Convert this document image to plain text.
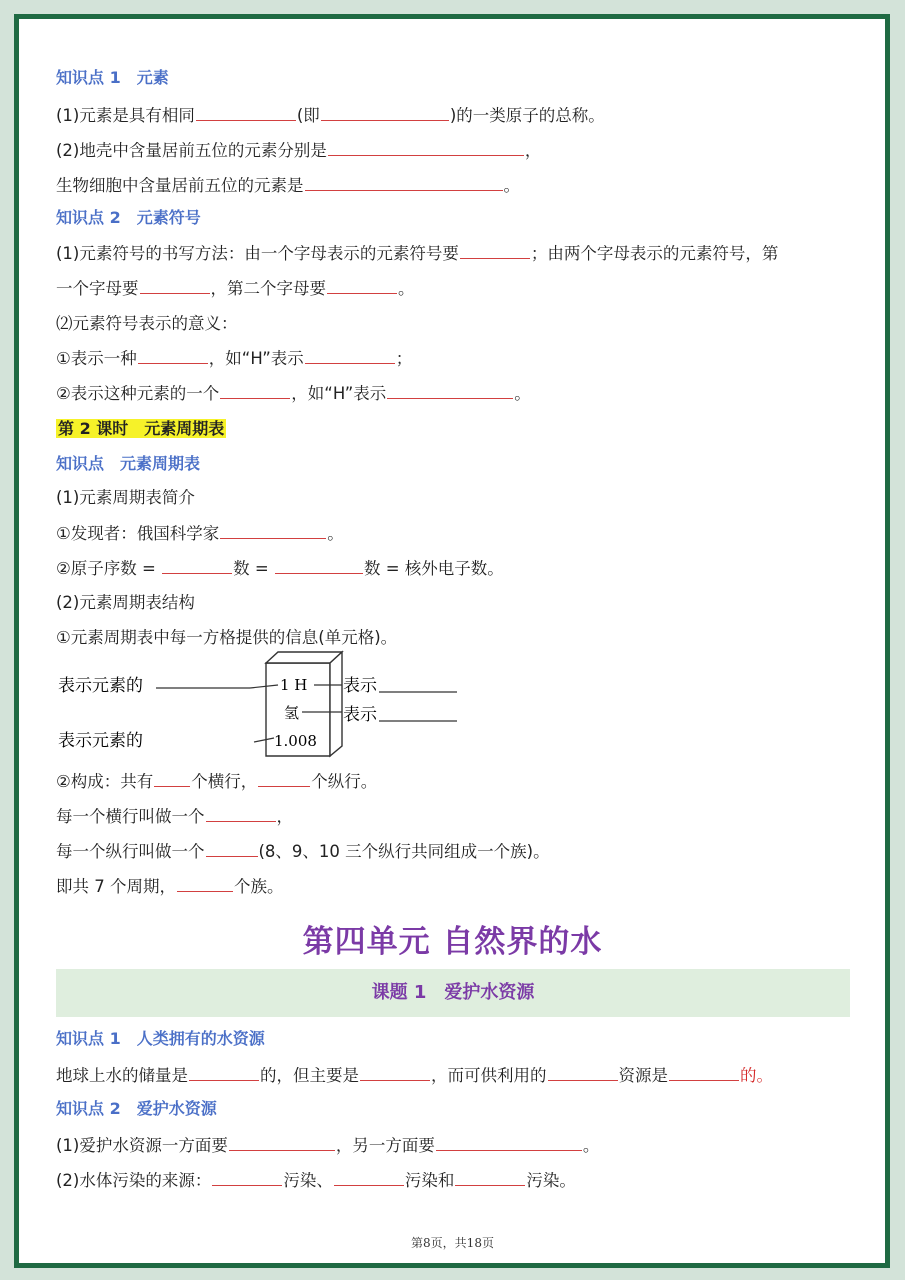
知识点 1　元素
(1)元素是具有相同	(即	)的一类原子的总称。
(2)地壳中含量居前五位的元素分别是	，
生物细胞中含量居前五位的元素是	。
知识点 2　元素符号
(1)元素符号的书写方法：由一个字母表示的元素符号要	；由两个字母表示的元素符号，第
一个字母要	，第二个字母要	。
⑵元素符号表示的意义：
①表示一种	，如“H”表示	；
②表示这种元素的一个	，如“H”表示	。
第 2 课时　元素周期表
知识点　元素周期表
(1)元素周期表简介
①发现者：俄国科学家	。
②原子序数 =	数 =	数 = 核外电子数。
(2)元素周期表结构
①元素周期表中每一方格提供的信息(单元格)。
1 H
氢
1.008
表示元素的
表示元素的
表示
表示
②构成：共有 个横行，	个纵行。
每一个横行叫做一个	，
每一个纵行叫做一个	(8、9、10 三个纵行共同组成一个族)。
即共 7 个周期，	个族。
第四单元 自然界的水
课题 1　爱护水资源
知识点 1　人类拥有的水资源
地球上水的储量是	的，但主要是	，而可供利用的	资源是	的。
知识点 2　爱护水资源
(1)爱护水资源一方面要	，另一方面要	。
(2)水体污染的来源：	污染、	污染和	污染。
第8页，共18页
